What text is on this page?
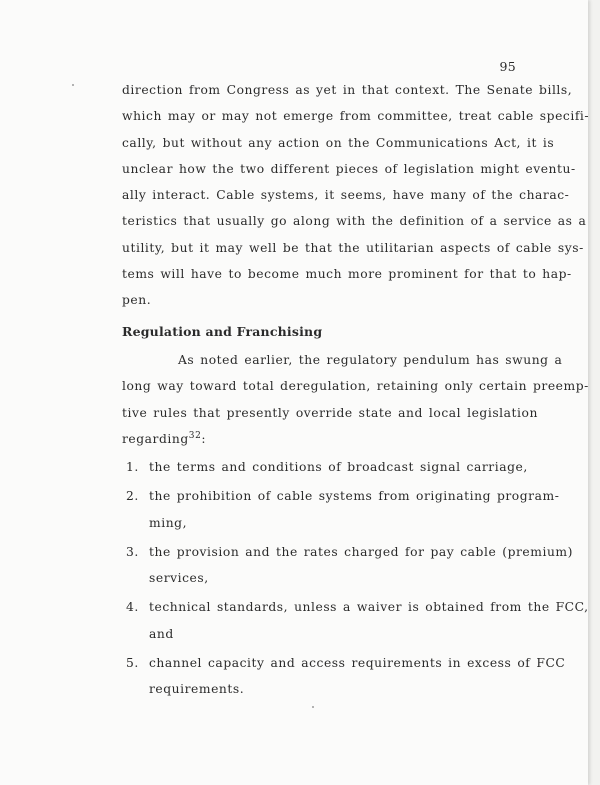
95
direction from Congress as yet in that context. The Senate bills,
which may or may not emerge from committee, treat cable specifi-
cally, but without any action on the Communications Act, it is
unclear how the two different pieces of legislation might eventu-
ally interact. Cable systems, it seems, have many of the charac-
teristics that usually go along with the definition of a service as a
utility, but it may well be that the utilitarian aspects of cable sys-
tems will have to become much more prominent for that to hap-
pen.
Regulation and Franchising
As noted earlier, the regulatory pendulum has swung a
long way toward total deregulation, retaining only certain preemp-
tive rules that presently override state and local legislation
regarding$^{32}$:
1. the terms and conditions of broadcast signal carriage,
2. the prohibition of cable systems from originating program-
ming,
3. the provision and the rates charged for pay cable (premium)
services,
4. technical standards, unless a waiver is obtained from the FCC,
and
5. channel capacity and access requirements in excess of FCC
requirements.
